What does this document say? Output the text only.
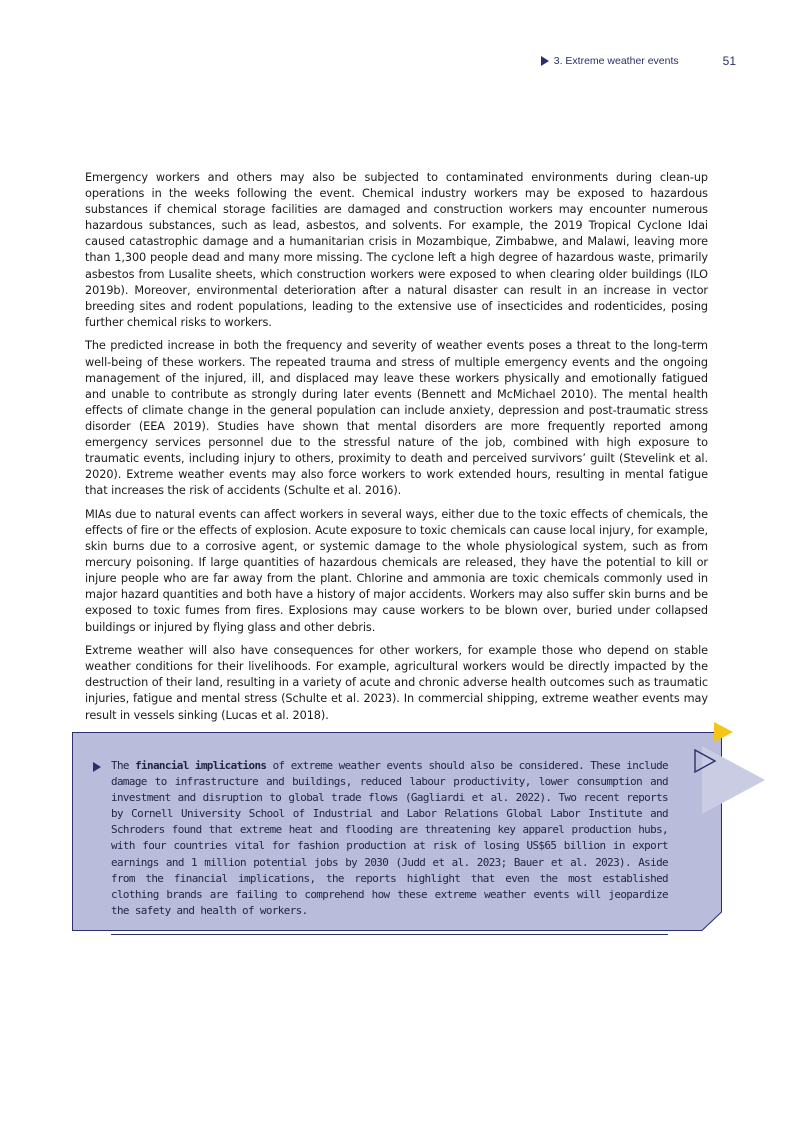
3. Extreme weather events	51

Emergency workers and others may also be subjected to contaminated environments during clean-up operations in the weeks following the event. Chemical industry workers may be exposed to hazardous substances if chemical storage facilities are damaged and construction workers may encounter numerous hazardous substances, such as lead, asbestos, and solvents. For example, the 2019 Tropical Cyclone Idai caused catastrophic damage and a humanitarian crisis in Mozambique, Zimbabwe, and Malawi, leaving more than 1,300 people dead and many more missing. The cyclone left a high degree of hazardous waste, primarily asbestos from Lusalite sheets, which construction workers were exposed to when clearing older buildings (ILO 2019b). Moreover, environmental deterioration after a natural disaster can result in an increase in vector breeding sites and rodent populations, leading to the extensive use of insecticides and rodenticides, posing further chemical risks to workers.

The predicted increase in both the frequency and severity of weather events poses a threat to the long-term well-being of these workers. The repeated trauma and stress of multiple emergency events and the ongoing management of the injured, ill, and displaced may leave these workers physically and emotionally fatigued and unable to contribute as strongly during later events (Bennett and McMichael 2010). The mental health effects of climate change in the general population can include anxiety, depression and post-traumatic stress disorder (EEA 2019). Studies have shown that mental disorders are more frequently reported among emergency services personnel due to the stressful nature of the job, combined with high exposure to traumatic events, including injury to others, proximity to death and perceived survivors’ guilt (Stevelink et al. 2020). Extreme weather events may also force workers to work extended hours, resulting in mental fatigue that increases the risk of accidents (Schulte et al. 2016).

MIAs due to natural events can affect workers in several ways, either due to the toxic effects of chemicals, the effects of fire or the effects of explosion. Acute exposure to toxic chemicals can cause local injury, for example, skin burns due to a corrosive agent, or systemic damage to the whole physiological system, such as from mercury poisoning. If large quantities of hazardous chemicals are released, they have the potential to kill or injure people who are far away from the plant. Chlorine and ammonia are toxic chemicals commonly used in major hazard quantities and both have a history of major accidents. Workers may also suffer skin burns and be exposed to toxic fumes from fires. Explosions may cause workers to be blown over, buried under collapsed buildings or injured by flying glass and other debris.

Extreme weather will also have consequences for other workers, for example those who depend on stable weather conditions for their livelihoods. For example, agricultural workers would be directly impacted by the destruction of their land, resulting in a variety of acute and chronic adverse health outcomes such as traumatic injuries, fatigue and mental stress (Schulte et al. 2023). In commercial shipping, extreme weather events may result in vessels sinking (Lucas et al. 2018).

The financial implications of extreme weather events should also be considered. These include damage to infrastructure and buildings, reduced labour productivity, lower consumption and investment and disruption to global trade flows (Gagliardi et al. 2022). Two recent reports by Cornell University School of Industrial and Labor Relations Global Labor Institute and Schroders found that extreme heat and flooding are threatening key apparel production hubs, with four countries vital for fashion production at risk of losing US$65 billion in export earnings and 1 million potential jobs by 2030 (Judd et al. 2023; Bauer et al. 2023). Aside from the financial implications, the reports highlight that even the most established clothing brands are failing to comprehend how these extreme weather events will jeopardize the safety and health of workers.
